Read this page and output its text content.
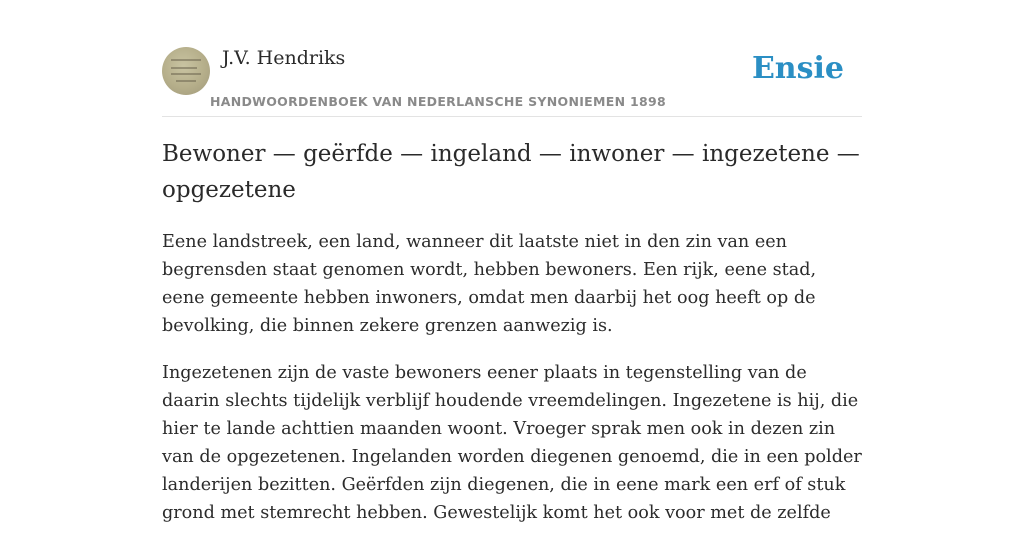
J.V. Hendriks
HANDWOORDENBOEK VAN NEDERLANSCHE SYNONIEMEN 1898
Ensie
Bewoner — geërfde — ingeland — inwoner — ingezetene — opgezetene

Eene landstreek, een land, wanneer dit laatste niet in den zin van een begrensden staat genomen wordt, hebben bewoners. Een rijk, eene stad, eene gemeente hebben inwoners, omdat men daarbij het oog heeft op de bevolking, die binnen zekere grenzen aanwezig is.

Ingezetenen zijn de vaste bewoners eener plaats in tegenstelling van de daarin slechts tijdelijk verblijf houdende vreemdelingen. Ingezetene is hij, die hier te lande achttien maanden woont. Vroeger sprak men ook in dezen zin van de opgezetenen. Ingelanden worden diegenen genoemd, die in een polder landerijen bezitten. Geërfden zijn diegenen, die in eene mark een erf of stuk grond met stemrecht hebben. Gewestelijk komt het ook voor met de zelfde
